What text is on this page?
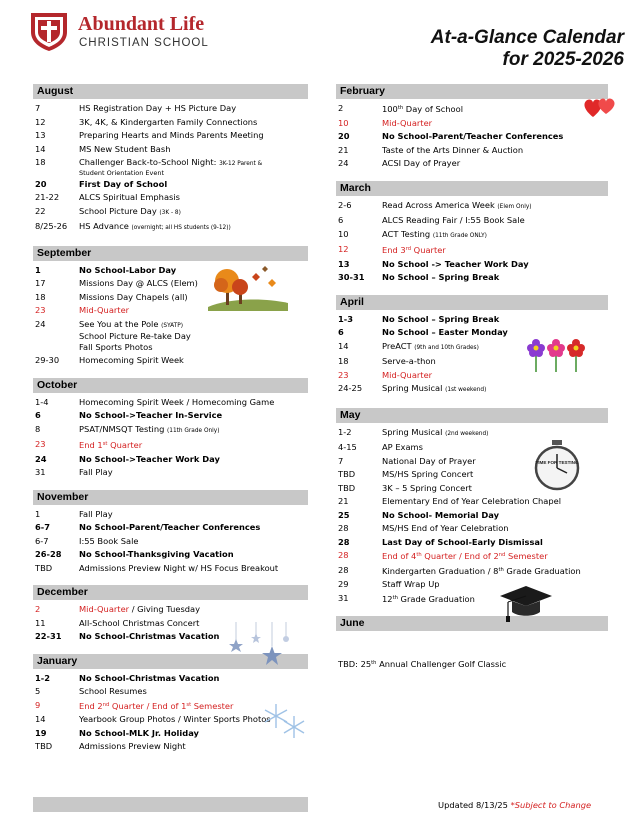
Abundant Life
CHRISTIAN SCHOOL	At-a-Glance Calendar
for 2025-2026
August
7	HS Registration Day + HS Picture Day
12	3K, 4K, & Kindergarten Family Connections
13	Preparing Hearts and Minds Parents Meeting
14	MS New Student Bash
18	Challenger Back-to-School Night: 3K-12 Parent &
Student Orientation Event
20	First Day of School
21-22	ALCS Spiritual Emphasis
22	School Picture Day (3K - 8)
8/25-26	HS Advance (overnight; all HS students (9-12))
September
1	No School-Labor Day
17	Missions Day @ ALCS (Elem)
18	Missions Day Chapels (all)
23	Mid-Quarter
24	See You at the Pole (SYATP)
School Picture Re-take Day
Fall Sports Photos
29-30	Homecoming Spirit Week
October
1-4	Homecoming Spirit Week / Homecoming Game
6	No School->Teacher In-Service
8	PSAT/NMSQT Testing (11th Grade Only)
23	End 1st Quarter
24	No School->Teacher Work Day
31	Fall Play
November
1	Fall Play
6-7	No School-Parent/Teacher Conferences
6-7	I:55 Book Sale
26-28	No School-Thanksgiving Vacation
TBD	Admissions Preview Night w/ HS Focus Breakout
December
2	Mid-Quarter / Giving Tuesday
11	All-School Christmas Concert
22-31	No School-Christmas Vacation
January
1-2	No School-Christmas Vacation
5	School Resumes
9	End 2nd Quarter / End of 1st Semester
14	Yearbook Group Photos / Winter Sports Photos
19	No School-MLK Jr. Holiday
TBD	Admissions Preview Night
February
2	100th Day of School
10	Mid-Quarter
20	No School-Parent/Teacher Conferences
21	Taste of the Arts Dinner & Auction
24	ACSI Day of Prayer
March
2-6	Read Across America Week (Elem Only)
6	ALCS Reading Fair / I:55 Book Sale
10	ACT Testing (11th Grade ONLY)
12	End 3rd Quarter
13	No School -> Teacher Work Day
30-31	No School – Spring Break
April
1-3	No School – Spring Break
6	No School – Easter Monday
14	PreACT (9th and 10th Grades)
18	Serve-a-thon
23	Mid-Quarter
24-25	Spring Musical (1st weekend)
May
1-2	Spring Musical (2nd weekend)
4-15	AP Exams
7	National Day of Prayer
TBD	MS/HS Spring Concert
TBD	3K – 5 Spring Concert
21	Elementary End of Year Celebration Chapel
25	No School- Memorial Day
28	MS/HS End of Year Celebration
28	Last Day of School-Early Dismissal
28	End of 4th Quarter / End of 2nd Semester
28	Kindergarten Graduation / 8th Grade Graduation
29	Staff Wrap Up
31	12th Grade Graduation
June
TBD: 25th Annual Challenger Golf Classic
TIME FOR TESTING
Updated 8/13/25 *Subject to Change
